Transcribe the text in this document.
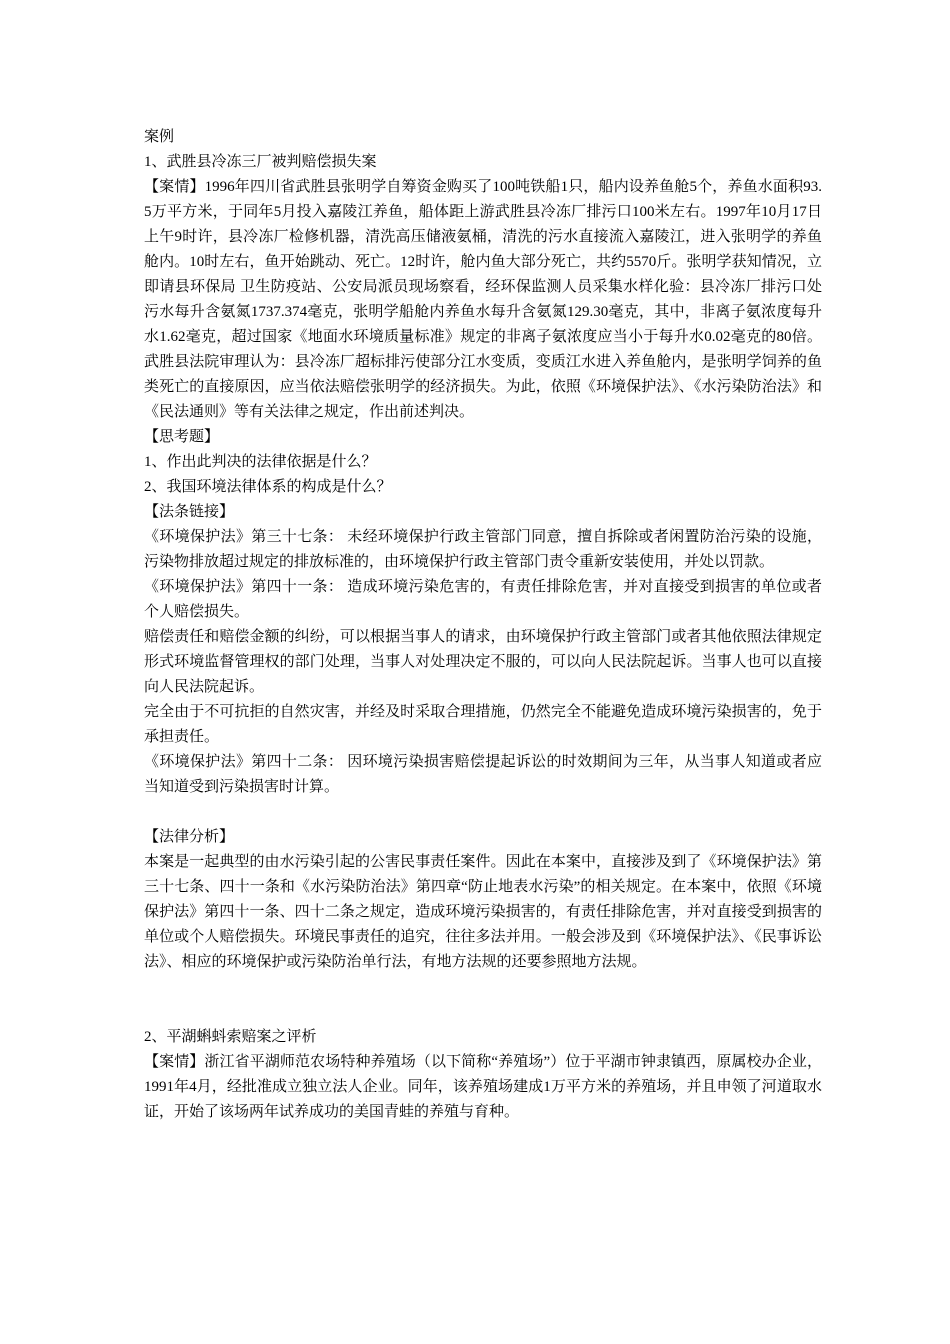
案例

1、武胜县冷冻三厂被判赔偿损失案

【案情】1996年四川省武胜县张明学自筹资金购买了100吨铁船1只，船内设养鱼舱5个，养鱼水面积93.5万平方米，于同年5月投入嘉陵江养鱼，船体距上游武胜县冷冻厂排污口100米左右。1997年10月17日上午9时许，县冷冻厂检修机器，清洗高压储液氨桶，清洗的污水直接流入嘉陵江，进入张明学的养鱼舱内。10时左右，鱼开始跳动、死亡。12时许，舱内鱼大部分死亡，共约5570斤。张明学获知情况，立即请县环保局 卫生防疫站、公安局派员现场察看，经环保监测人员采集水样化验：县冷冻厂排污口处污水每升含氨氮1737.374毫克，张明学船舱内养鱼水每升含氨氮129.30毫克，其中，非离子氨浓度每升水1.62毫克，超过国家《地面水环境质量标准》规定的非离子氨浓度应当小于每升水0.02毫克的80倍。 武胜县法院审理认为：县冷冻厂超标排污使部分江水变质，变质江水进入养鱼舱内，是张明学饲养的鱼类死亡的直接原因，应当依法赔偿张明学的经济损失。为此，依照《环境保护法》、《水污染防治法》和《民法通则》等有关法律之规定，作出前述判决。

【思考题】

1、作出此判决的法律依据是什么？

2、我国环境法律体系的构成是什么？

【法条链接】

《环境保护法》第三十七条： 未经环境保护行政主管部门同意，擅自拆除或者闲置防治污染的设施，污染物排放超过规定的排放标准的，由环境保护行政主管部门责令重新安装使用，并处以罚款。

《环境保护法》第四十一条： 造成环境污染危害的，有责任排除危害，并对直接受到损害的单位或者个人赔偿损失。

赔偿责任和赔偿金额的纠纷，可以根据当事人的请求，由环境保护行政主管部门或者其他依照法律规定形式环境监督管理权的部门处理，当事人对处理决定不服的，可以向人民法院起诉。当事人也可以直接向人民法院起诉。

完全由于不可抗拒的自然灾害，并经及时采取合理措施，仍然完全不能避免造成环境污染损害的，免于承担责任。

《环境保护法》第四十二条： 因环境污染损害赔偿提起诉讼的时效期间为三年，从当事人知道或者应当知道受到污染损害时计算。

【法律分析】

本案是一起典型的由水污染引起的公害民事责任案件。因此在本案中，直接涉及到了《环境保护法》第三十七条、四十一条和《水污染防治法》第四章“防止地表水污染”的相关规定。在本案中，依照《环境保护法》第四十一条、四十二条之规定，造成环境污染损害的，有责任排除危害，并对直接受到损害的单位或个人赔偿损失。环境民事责任的追究，往往多法并用。一般会涉及到《环境保护法》、《民事诉讼法》、相应的环境保护或污染防治单行法，有地方法规的还要参照地方法规。

2、平湖蝌蚪索赔案之评析

【案情】浙江省平湖师范农场特种养殖场（以下简称“养殖场”）位于平湖市钟隶镇西，原属校办企业，1991年4月，经批准成立独立法人企业。同年，该养殖场建成1万平方米的养殖场，并且申领了河道取水证，开始了该场两年试养成功的美国青蛙的养殖与育种。
